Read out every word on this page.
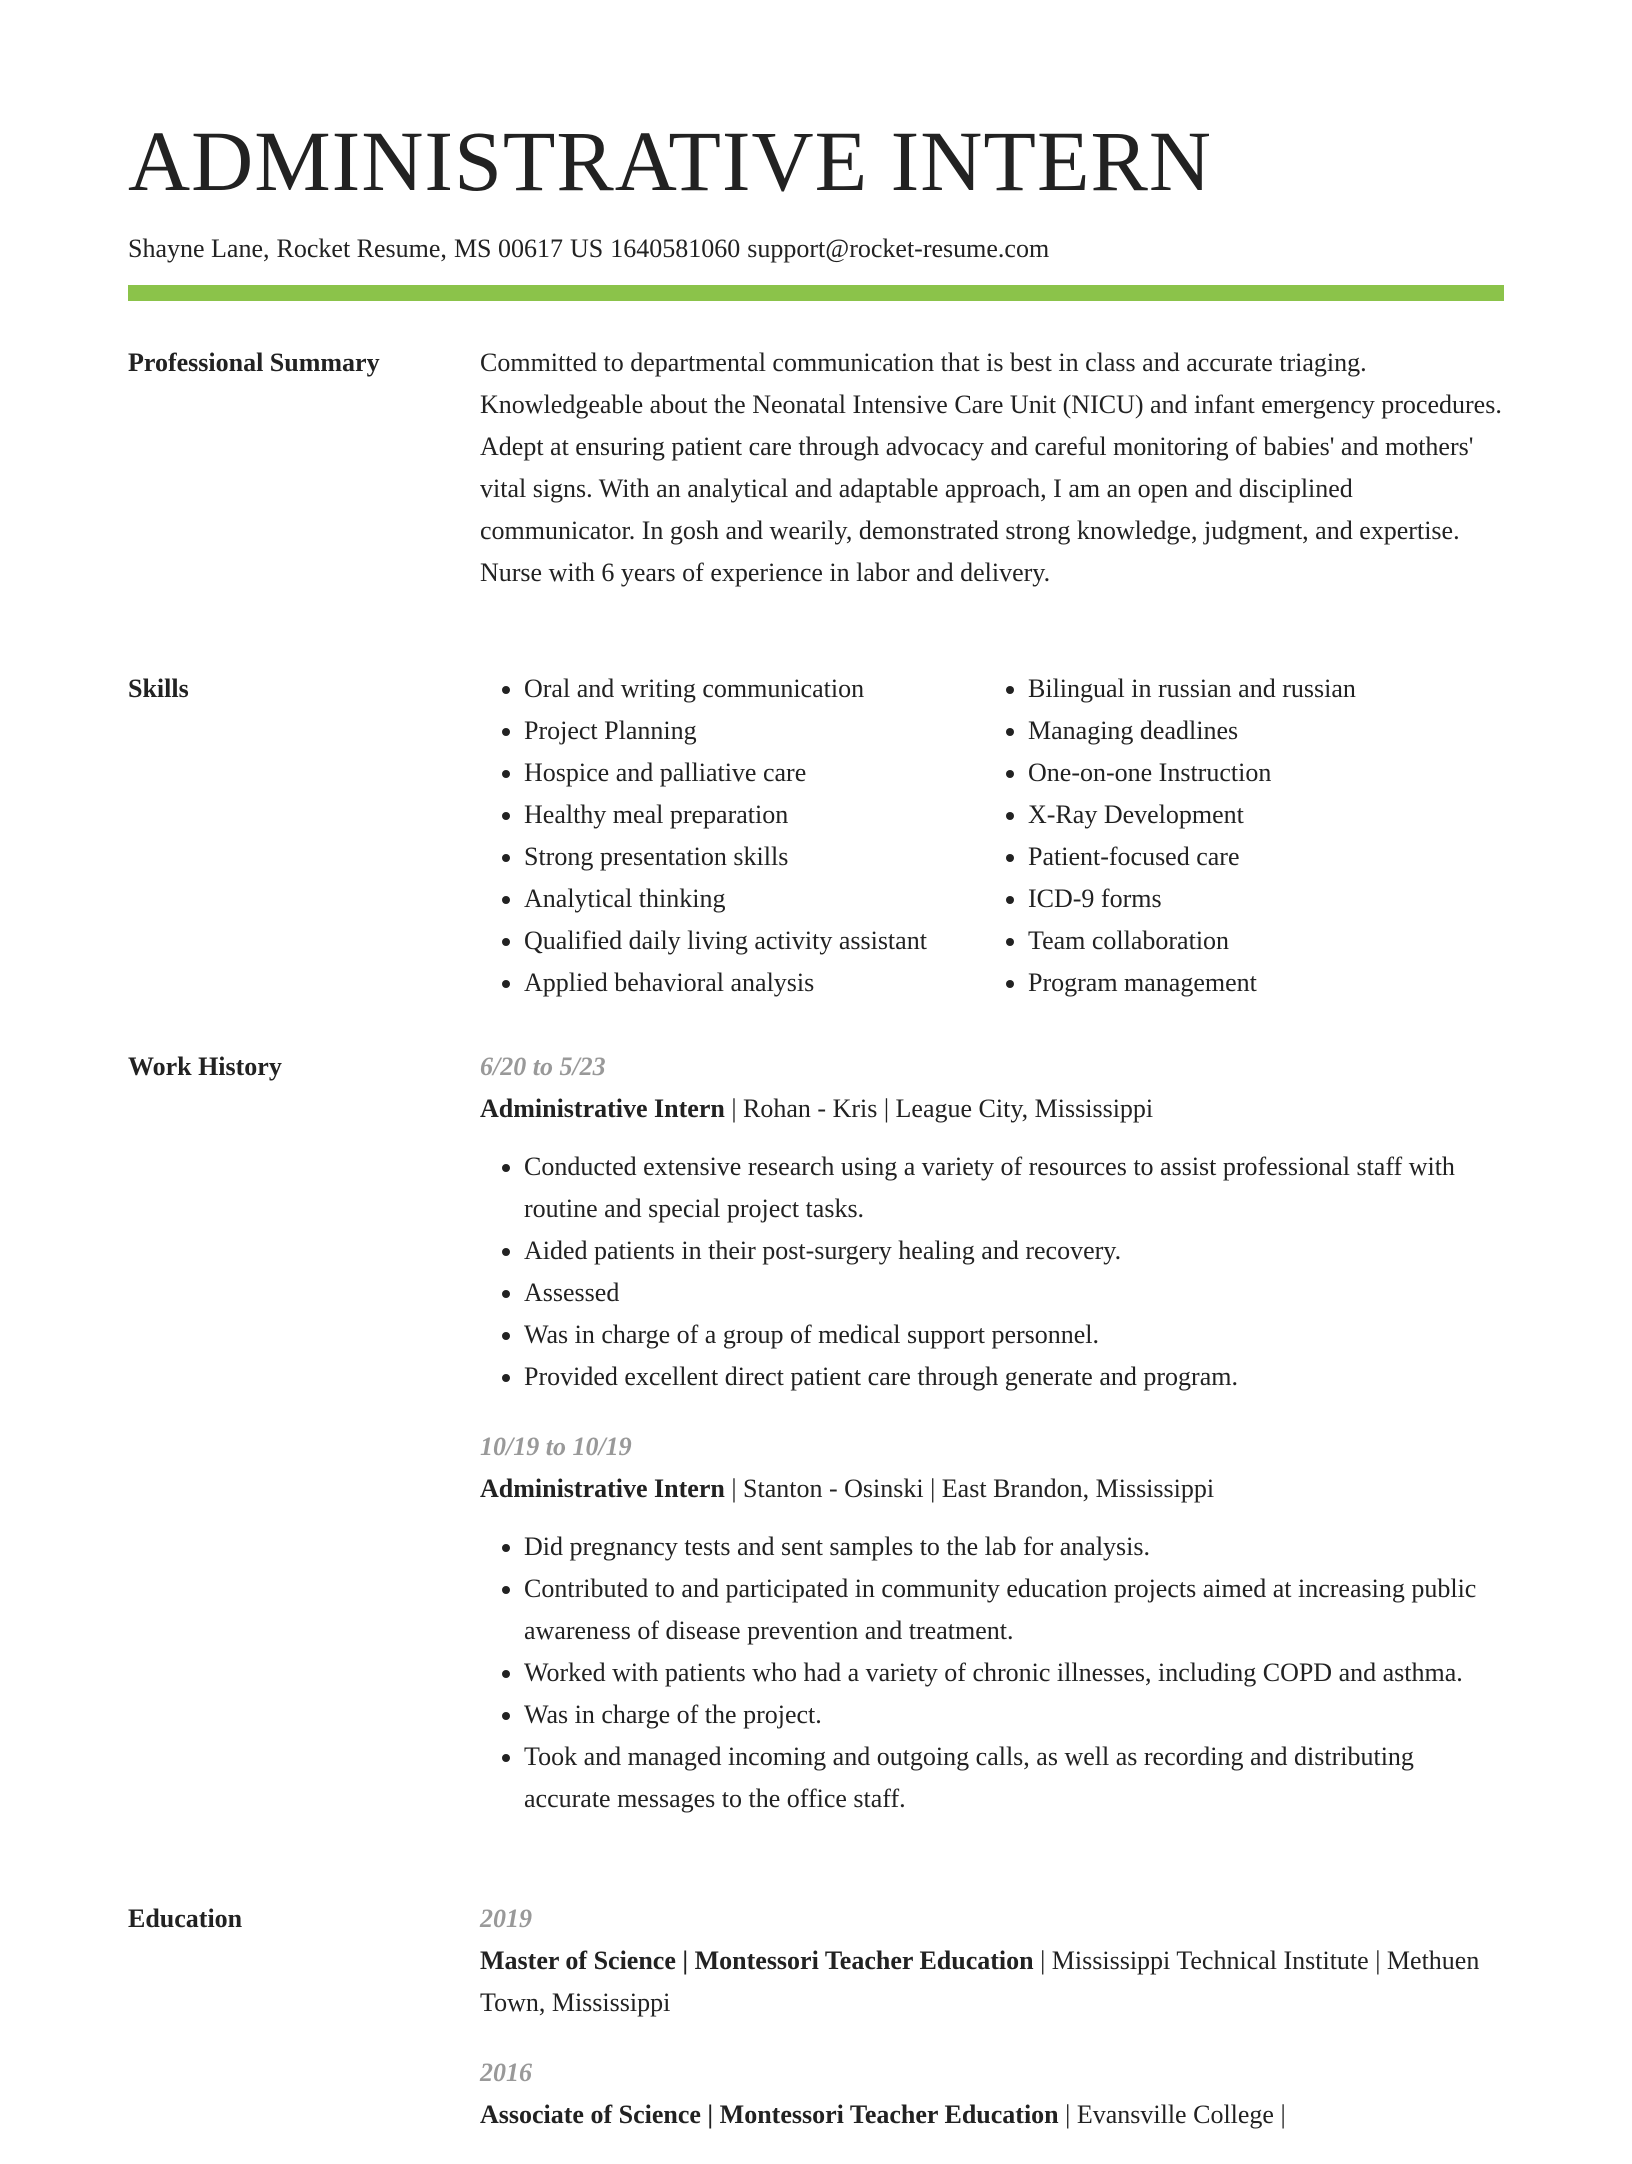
ADMINISTRATIVE INTERN
Shayne Lane, Rocket Resume, MS 00617 US 1640581060 support@rocket-resume.com
Professional Summary	Committed to departmental communication that is best in class and accurate triaging. Knowledgeable about the Neonatal Intensive Care Unit (NICU) and infant emergency procedures. Adept at ensuring patient care through advocacy and careful monitoring of babies' and mothers' vital signs. With an analytical and adaptable approach, I am an open and disciplined communicator. In gosh and wearily, demonstrated strong knowledge, judgment, and expertise. Nurse with 6 years of experience in labor and delivery.

Skills
•	Oral and writing communication
• Project Planning
• Hospice and palliative care
• Healthy meal preparation
• Strong presentation skills
• Analytical thinking
• Qualified daily living activity assistant
• Applied behavioral analysis
• Bilingual in russian and russian
• Managing deadlines
• One-on-one Instruction
• X-Ray Development
• Patient-focused care
• ICD-9 forms
• Team collaboration
• Program management
Work History	6/20 to 5/23
Administrative Intern | Rohan - Kris | League City, Mississippi
• Conducted extensive research using a variety of resources to assist professional staff with routine and special project tasks.
• Aided patients in their post-surgery healing and recovery.
• Assessed
• Was in charge of a group of medical support personnel.
• Provided excellent direct patient care through generate and program.
10/19 to 10/19
Administrative Intern | Stanton - Osinski | East Brandon, Mississippi
• Did pregnancy tests and sent samples to the lab for analysis.
• Contributed to and participated in community education projects aimed at increasing public awareness of disease prevention and treatment.
• Worked with patients who had a variety of chronic illnesses, including COPD and asthma.
• Was in charge of the project.
• Took and managed incoming and outgoing calls, as well as recording and distributing accurate messages to the office staff.
Education	2019
Master of Science | Montessori Teacher Education | Mississippi Technical Institute | Methuen Town, Mississippi
2016
Associate of Science | Montessori Teacher Education | Evansville College |
